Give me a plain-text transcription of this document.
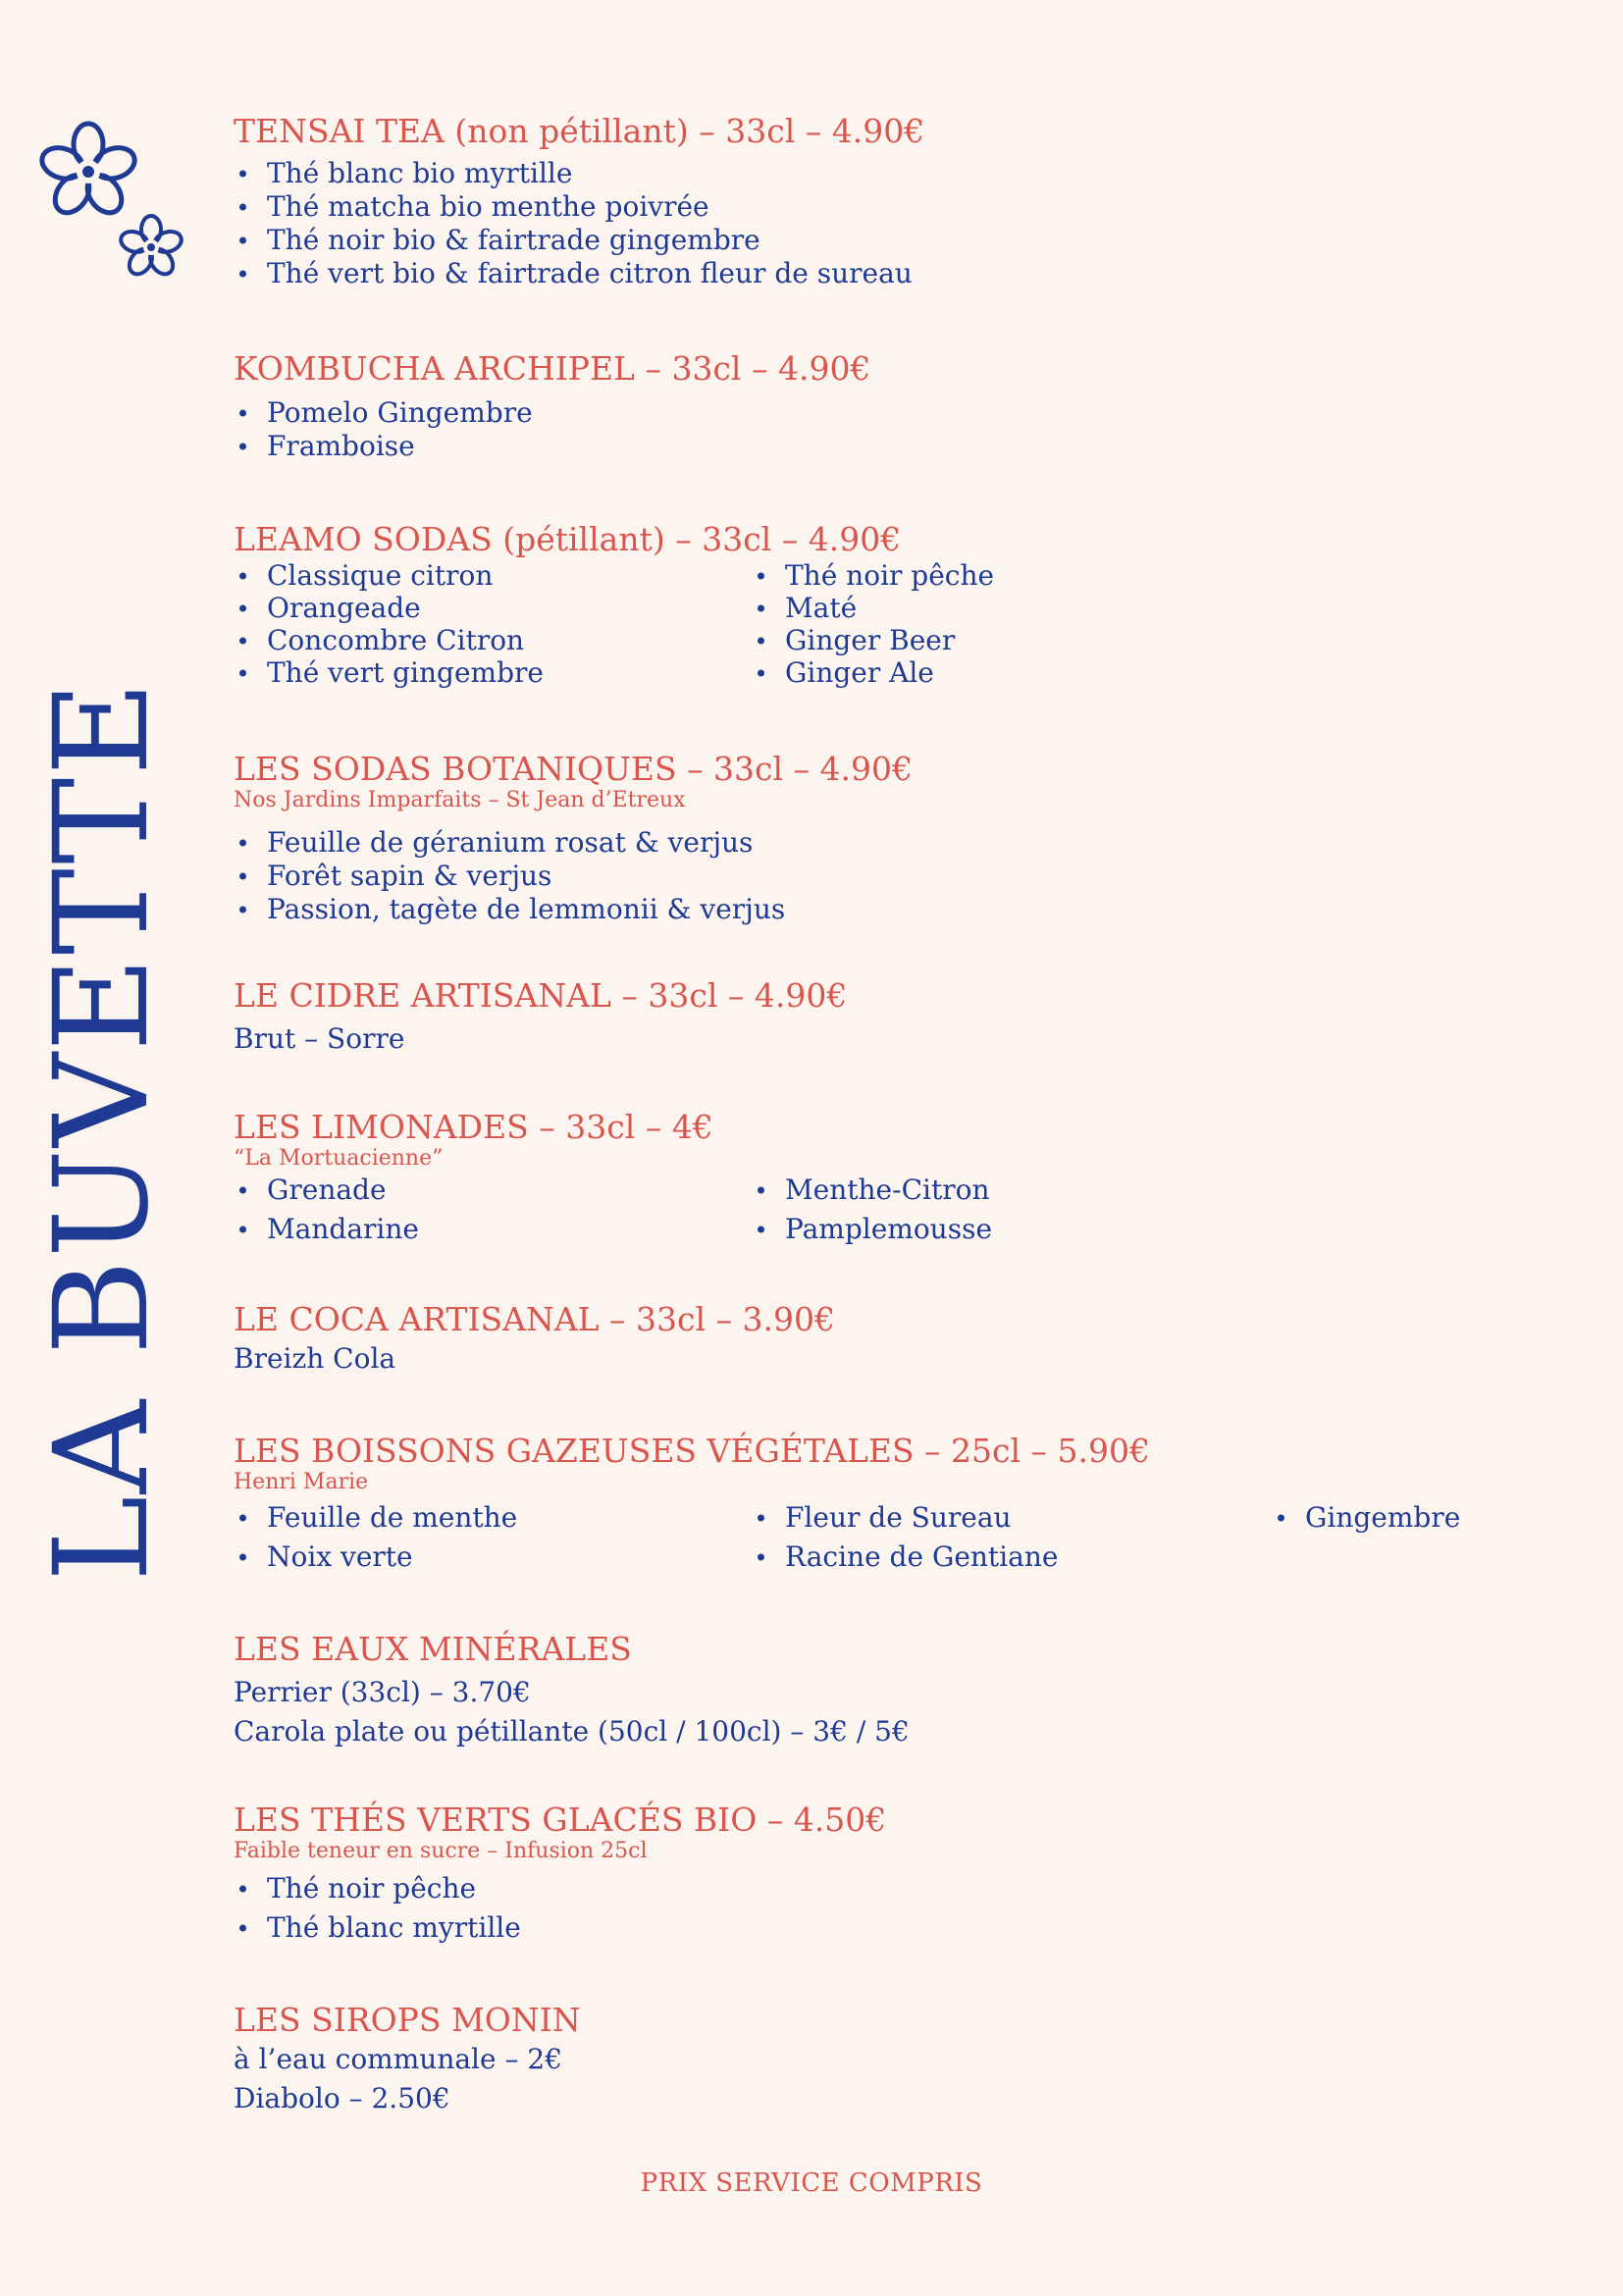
LA BUVETTE
TENSAI TEA (non pétillant) – 33cl – 4.90€
Thé blanc bio myrtille
Thé matcha bio menthe poivrée
Thé noir bio & fairtrade gingembre
Thé vert bio & fairtrade citron fleur de sureau
KOMBUCHA ARCHIPEL – 33cl – 4.90€
Pomelo Gingembre
Framboise
LEAMO SODAS (pétillant) – 33cl – 4.90€
Classique citron
Orangeade
Concombre Citron
Thé vert gingembre
Thé noir pêche
Maté
Ginger Beer
Ginger Ale
LES SODAS BOTANIQUES – 33cl – 4.90€
Nos Jardins Imparfaits – St Jean d’Etreux
Feuille de géranium rosat & verjus
Forêt sapin & verjus
Passion, tagète de lemmonii & verjus
LE CIDRE ARTISANAL – 33cl – 4.90€
Brut – Sorre
LES LIMONADES – 33cl – 4€
“La Mortuacienne”
Grenade
Mandarine
Menthe-Citron
Pamplemousse
LE COCA ARTISANAL – 33cl – 3.90€
Breizh Cola
LES BOISSONS GAZEUSES VÉGÉTALES – 25cl – 5.90€
Henri Marie
Feuille de menthe
Noix verte
Fleur de Sureau
Racine de Gentiane
Gingembre
LES EAUX MINÉRALES
Perrier (33cl) – 3.70€
Carola plate ou pétillante (50cl / 100cl) – 3€ / 5€
LES THÉS VERTS GLACÉS BIO – 4.50€
Faible teneur en sucre – Infusion 25cl
Thé noir pêche
Thé blanc myrtille
LES SIROPS MONIN
à l’eau communale – 2€
Diabolo – 2.50€
PRIX SERVICE COMPRIS
